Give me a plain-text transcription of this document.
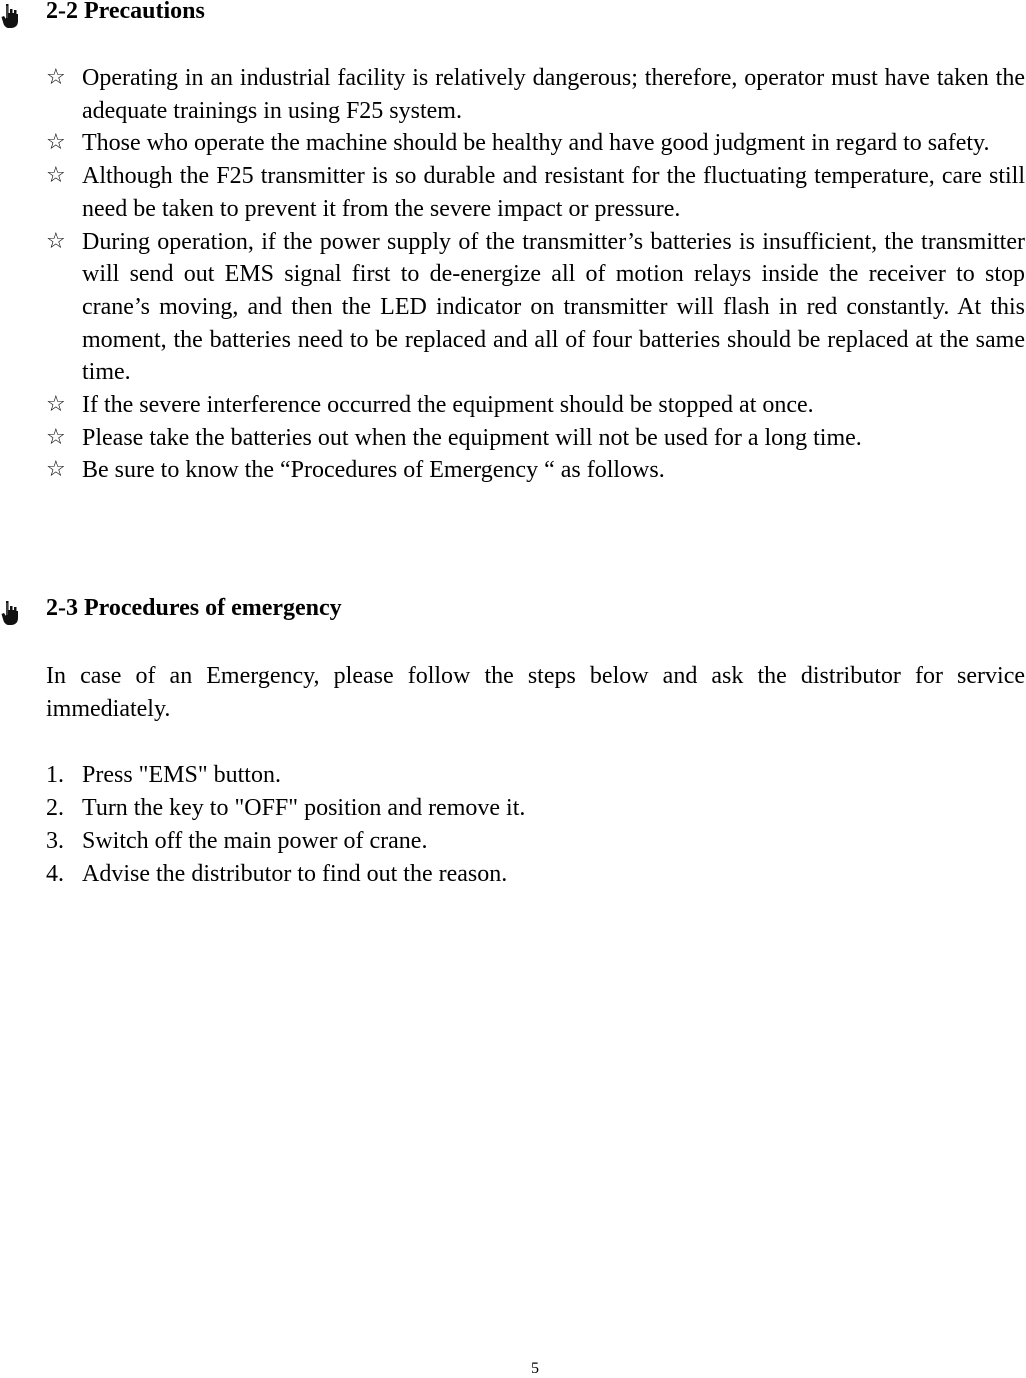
2-2 Precautions
☆ Operating in an industrial facility is relatively dangerous; therefore, operator must have taken the adequate trainings in using F25 system.
☆ Those who operate the machine should be healthy and have good judgment in regard to safety.
☆ Although the F25 transmitter is so durable and resistant for the fluctuating temperature, care still need be taken to prevent it from the severe impact or pressure.
☆ During operation, if the power supply of the transmitter’s batteries is insufficient, the transmitter will send out EMS signal first to de-energize all of motion relays inside the receiver to stop crane’s moving, and then the LED indicator on transmitter will flash in red constantly. At this moment, the batteries need to be replaced and all of four batteries should be replaced at the same time.
☆ If the severe interference occurred the equipment should be stopped at once.
☆ Please take the batteries out when the equipment will not be used for a long time.
☆ Be sure to know the “Procedures of Emergency “ as follows.
2-3 Procedures of emergency

In case of an Emergency, please follow the steps below and ask the distributor for service immediately.

1. Press "EMS" button.
2. Turn the key to "OFF" position and remove it.
3. Switch off the main power of crane.
4. Advise the distributor to find out the reason.
5
